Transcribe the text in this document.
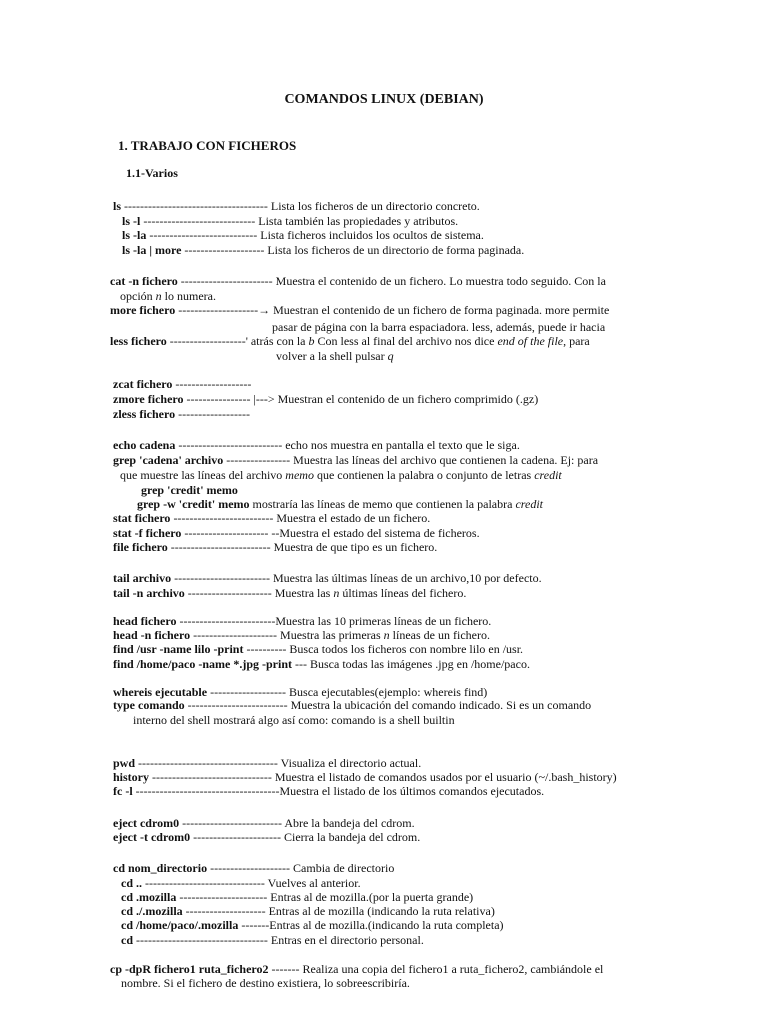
COMANDOS LINUX (DEBIAN)
1. TRABAJO CON FICHEROS
1.1-Varios
ls ------------------------------------ Lista los ficheros de un directorio concreto.
ls -l ---------------------------- Lista también las propiedades y atributos.
ls -la --------------------------- Lista ficheros incluidos los ocultos de sistema.
ls -la | more -------------------- Lista los ficheros de un directorio de forma paginada.
cat -n fichero ----------------------- Muestra el contenido de un fichero. Lo muestra todo seguido. Con la
opción n lo numera.
more fichero --------------------→ Muestran el contenido de un fichero de forma paginada. more permite
pasar de página con la barra espaciadora. less, además, puede ir hacia
less fichero -------------------' atrás con la b Con less al final del archivo nos dice end of the file, para
volver a la shell pulsar q
zcat fichero -------------------
zmore fichero ---------------- |---> Muestran el contenido de un fichero comprimido (.gz)
zless fichero ------------------
echo cadena -------------------------- echo nos muestra en pantalla el texto que le siga.
grep 'cadena' archivo ---------------- Muestra las líneas del archivo que contienen la cadena. Ej: para
que muestre las líneas del archivo memo que contienen la palabra o conjunto de letras credit
grep 'credit' memo
grep -w 'credit' memo mostraría las líneas de memo que contienen la palabra credit
stat fichero ------------------------- Muestra el estado de un fichero.
stat -f fichero --------------------- --Muestra el estado del sistema de ficheros.
file fichero ------------------------- Muestra de que tipo es un fichero.
tail archivo ------------------------ Muestra las últimas líneas de un archivo,10 por defecto.
tail -n archivo --------------------- Muestra las n últimas líneas del fichero.
head fichero ------------------------Muestra las 10 primeras líneas de un fichero.
head -n fichero --------------------- Muestra las primeras n líneas de un fichero.
find /usr -name lilo -print ---------- Busca todos los ficheros con nombre lilo en /usr.
find /home/paco -name *.jpg -print --- Busca todas las imágenes .jpg en /home/paco.
whereis ejecutable ------------------- Busca ejecutables(ejemplo: whereis find)
type comando ------------------------- Muestra la ubicación del comando indicado. Si es un comando
interno del shell mostrará algo así como: comando is a shell builtin
pwd ----------------------------------- Visualiza el directorio actual.
history ------------------------------ Muestra el listado de comandos usados por el usuario (~/.bash_history)
fc -l ------------------------------------Muestra el listado de los últimos comandos ejecutados.
eject cdrom0 ------------------------- Abre la bandeja del cdrom.
eject -t cdrom0 ---------------------- Cierra la bandeja del cdrom.
cd nom_directorio -------------------- Cambia de directorio
cd .. ------------------------------ Vuelves al anterior.
cd .mozilla ---------------------- Entras al de mozilla.(por la puerta grande)
cd ./.mozilla -------------------- Entras al de mozilla (indicando la ruta relativa)
cd /home/paco/.mozilla -------Entras al de mozilla.(indicando la ruta completa)
cd --------------------------------- Entras en el directorio personal.
cp -dpR fichero1 ruta_fichero2 ------- Realiza una copia del fichero1 a ruta_fichero2, cambiándole el
nombre. Si el fichero de destino existiera, lo sobreescribiría.
